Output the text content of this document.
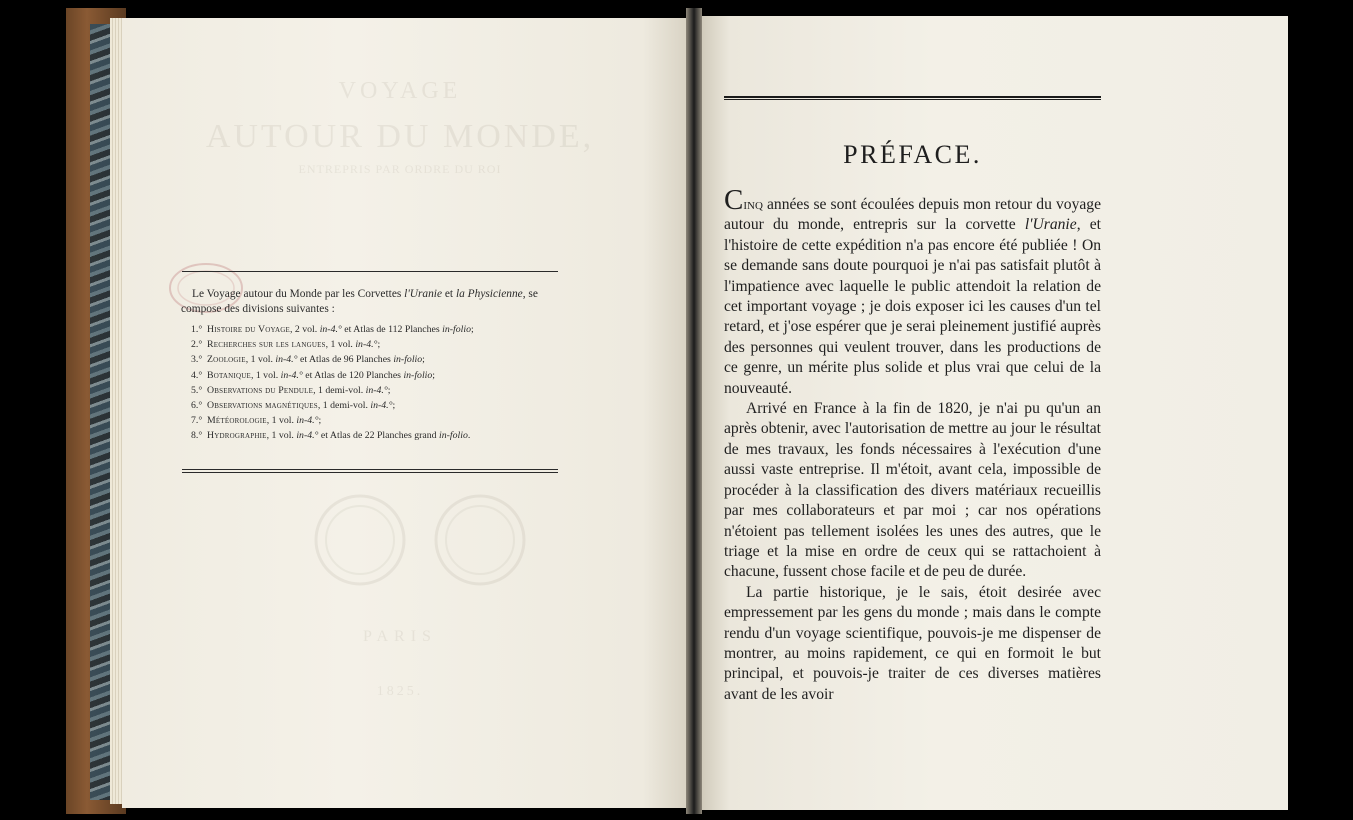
VOYAGE
AUTOUR DU MONDE,
ENTREPRIS PAR ORDRE DU ROI
PARIS
1825.

Le Voyage autour du Monde par les Corvettes l'Uranie et la Physicienne, se compose des divisions suivantes :

1.° Histoire du Voyage, 2 vol. in-4.° et Atlas de 112 Planches in-folio;
2.° Recherches sur les langues, 1 vol. in-4.°;
3.° Zoologie, 1 vol. in-4.° et Atlas de 96 Planches in-folio;
4.° Botanique, 1 vol. in-4.° et Atlas de 120 Planches in-folio;
5.° Observations du Pendule, 1 demi-vol. in-4.°;
6.° Observations magnétiques, 1 demi-vol. in-4.°;
7.° Météorologie, 1 vol. in-4.°;
8.° Hydrographie, 1 vol. in-4.° et Atlas de 22 Planches grand in-folio.
PRÉFACE.

Cinq années se sont écoulées depuis mon retour du voyage autour du monde, entrepris sur la corvette l'Uranie, et l'histoire de cette expédition n'a pas encore été publiée ! On se demande sans doute pourquoi je n'ai pas satisfait plutôt à l'impatience avec laquelle le public attendoit la relation de cet important voyage ; je dois exposer ici les causes d'un tel retard, et j'ose espérer que je serai pleinement justifié auprès des personnes qui veulent trouver, dans les productions de ce genre, un mérite plus solide et plus vrai que celui de la nouveauté.

Arrivé en France à la fin de 1820, je n'ai pu qu'un an après obtenir, avec l'autorisation de mettre au jour le résultat de mes travaux, les fonds nécessaires à l'exécution d'une aussi vaste entreprise. Il m'étoit, avant cela, impossible de procéder à la classification des divers matériaux recueillis par mes collaborateurs et par moi ; car nos opérations n'étoient pas tellement isolées les unes des autres, que le triage et la mise en ordre de ceux qui se rattachoient à chacune, fussent chose facile et de peu de durée.

La partie historique, je le sais, étoit desirée avec empressement par les gens du monde ; mais dans le compte rendu d'un voyage scientifique, pouvois-je me dispenser de montrer, au moins rapidement, ce qui en formoit le but principal, et pouvois-je traiter de ces diverses matières avant de les avoir
